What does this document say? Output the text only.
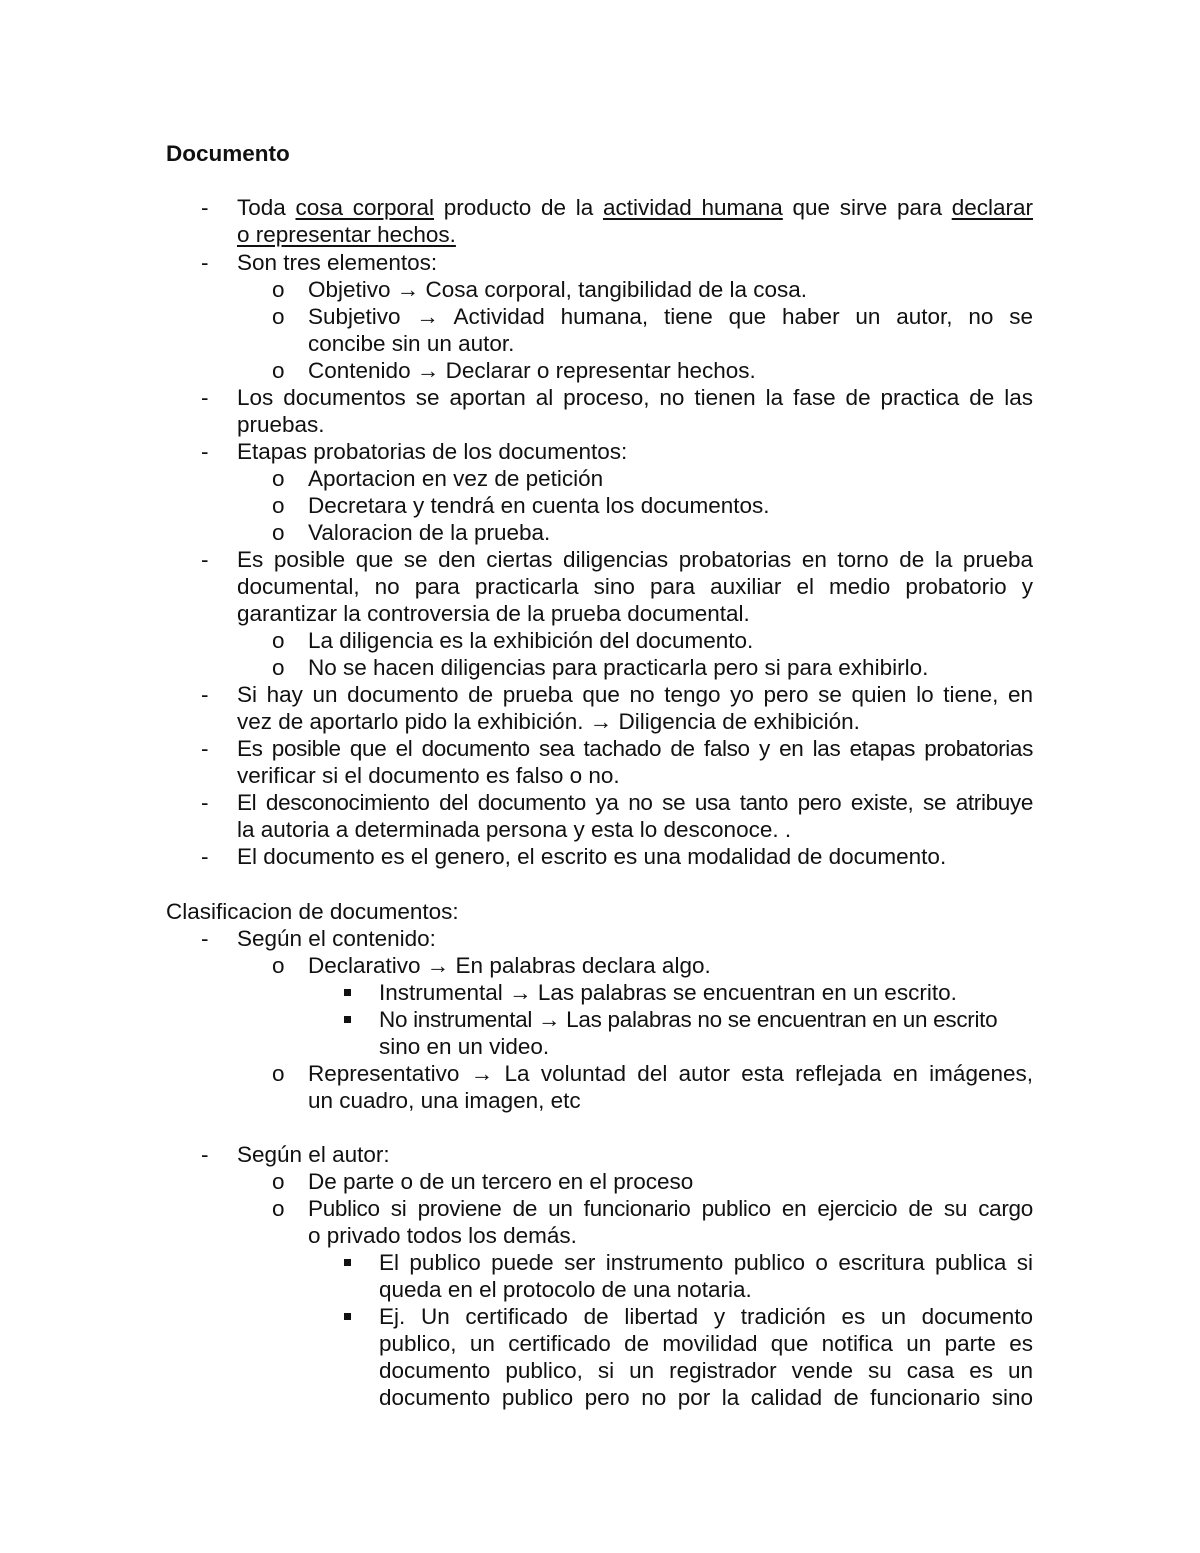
Documento
- Toda cosa corporal producto de la actividad humana que sirve para declarar
o representar hechos.
- Son tres elementos:
o Objetivo → Cosa corporal, tangibilidad de la cosa.
o Subjetivo → Actividad humana, tiene que haber un autor, no se
concibe sin un autor.
o Contenido → Declarar o representar hechos.
- Los documentos se aportan al proceso, no tienen la fase de practica de las
pruebas.
- Etapas probatorias de los documentos:
o Aportacion en vez de petición
o Decretara y tendrá en cuenta los documentos.
o Valoracion de la prueba.
- Es posible que se den ciertas diligencias probatorias en torno de la prueba
documental, no para practicarla sino para auxiliar el medio probatorio y
garantizar la controversia de la prueba documental.
o La diligencia es la exhibición del documento.
o No se hacen diligencias para practicarla pero si para exhibirlo.
- Si hay un documento de prueba que no tengo yo pero se quien lo tiene, en
vez de aportarlo pido la exhibición. → Diligencia de exhibición.
- Es posible que el documento sea tachado de falso y en las etapas probatorias
verificar si el documento es falso o no.
- El desconocimiento del documento ya no se usa tanto pero existe, se atribuye
la autoria a determinada persona y esta lo desconoce. .
- El documento es el genero, el escrito es una modalidad de documento.
Clasificacion de documentos:
- Según el contenido:
o Declarativo → En palabras declara algo.
Instrumental → Las palabras se encuentran en un escrito.
No instrumental → Las palabras no se encuentran en un escrito
sino en un video.
o Representativo → La voluntad del autor esta reflejada en imágenes,
un cuadro, una imagen, etc
- Según el autor:
o De parte o de un tercero en el proceso
o Publico si proviene de un funcionario publico en ejercicio de su cargo
o privado todos los demás.
El publico puede ser instrumento publico o escritura publica si
queda en el protocolo de una notaria.
Ej. Un certificado de libertad y tradición es un documento
publico, un certificado de movilidad que notifica un parte es
documento publico, si un registrador vende su casa es un
documento publico pero no por la calidad de funcionario sino
